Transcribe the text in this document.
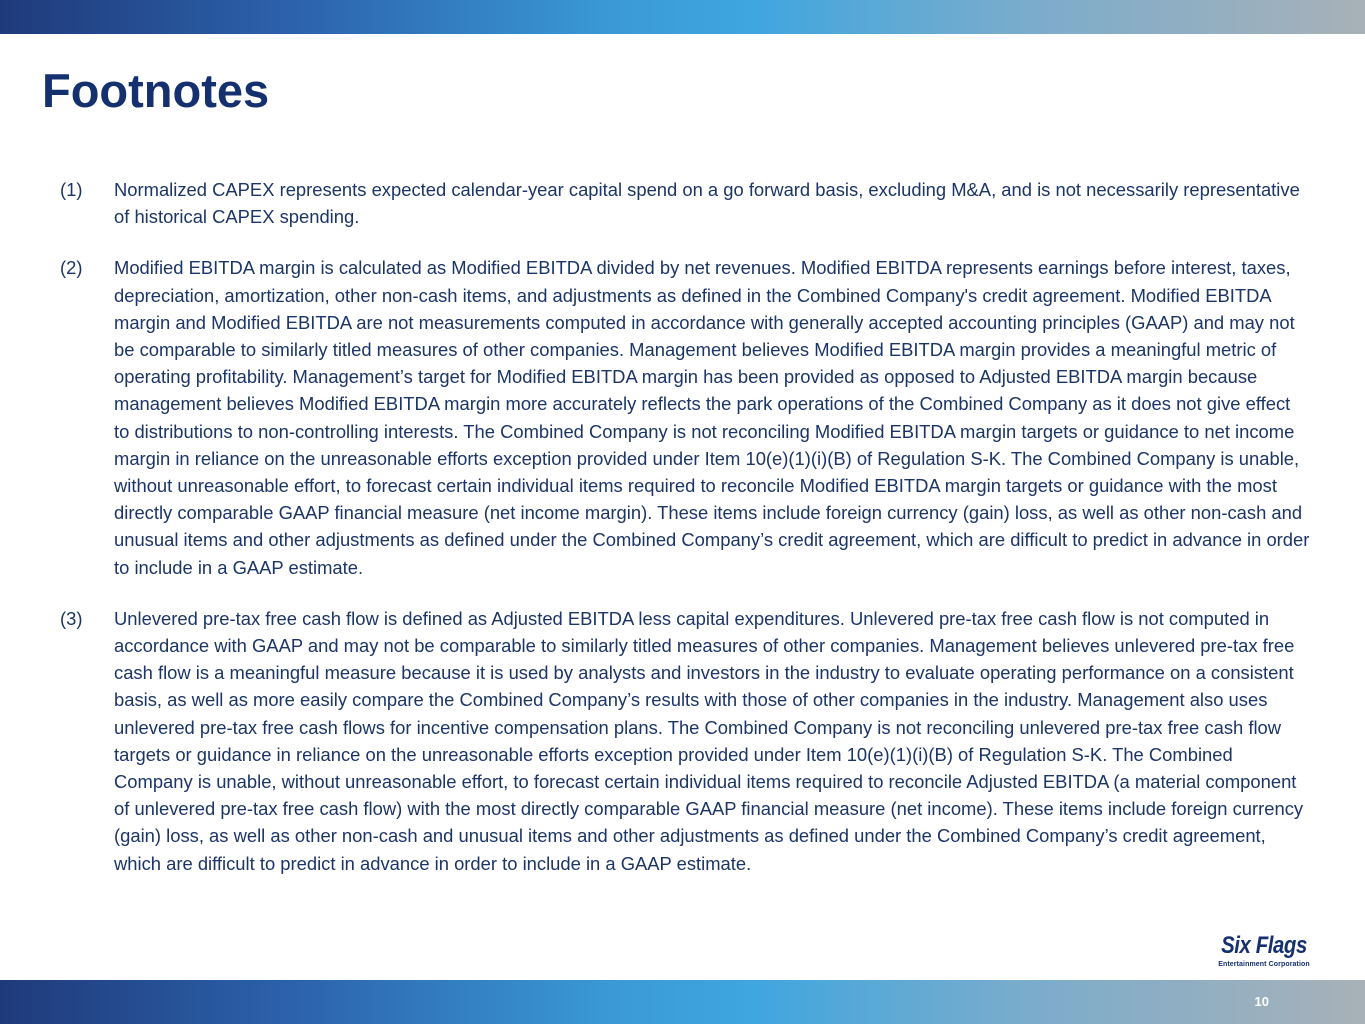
Footnotes
(1) Normalized CAPEX represents expected calendar-year capital spend on a go forward basis, excluding M&A, and is not necessarily representative of historical CAPEX spending.
(2) Modified EBITDA margin is calculated as Modified EBITDA divided by net revenues. Modified EBITDA represents earnings before interest, taxes, depreciation, amortization, other non-cash items, and adjustments as defined in the Combined Company's credit agreement. Modified EBITDA margin and Modified EBITDA are not measurements computed in accordance with generally accepted accounting principles (GAAP) and may not be comparable to similarly titled measures of other companies. Management believes Modified EBITDA margin provides a meaningful metric of operating profitability. Management’s target for Modified EBITDA margin has been provided as opposed to Adjusted EBITDA margin because management believes Modified EBITDA margin more accurately reflects the park operations of the Combined Company as it does not give effect to distributions to non-controlling interests. The Combined Company is not reconciling Modified EBITDA margin targets or guidance to net income margin in reliance on the unreasonable efforts exception provided under Item 10(e)(1)(i)(B) of Regulation S-K. The Combined Company is unable, without unreasonable effort, to forecast certain individual items required to reconcile Modified EBITDA margin targets or guidance with the most directly comparable GAAP financial measure (net income margin). These items include foreign currency (gain) loss, as well as other non-cash and unusual items and other adjustments as defined under the Combined Company’s credit agreement, which are difficult to predict in advance in order to include in a GAAP estimate.
(3) Unlevered pre-tax free cash flow is defined as Adjusted EBITDA less capital expenditures. Unlevered pre-tax free cash flow is not computed in accordance with GAAP and may not be comparable to similarly titled measures of other companies. Management believes unlevered pre-tax free cash flow is a meaningful measure because it is used by analysts and investors in the industry to evaluate operating performance on a consistent basis, as well as more easily compare the Combined Company’s results with those of other companies in the industry. Management also uses unlevered pre-tax free cash flows for incentive compensation plans. The Combined Company is not reconciling unlevered pre-tax free cash flow targets or guidance in reliance on the unreasonable efforts exception provided under Item 10(e)(1)(i)(B) of Regulation S-K. The Combined Company is unable, without unreasonable effort, to forecast certain individual items required to reconcile Adjusted EBITDA (a material component of unlevered pre-tax free cash flow) with the most directly comparable GAAP financial measure (net income). These items include foreign currency (gain) loss, as well as other non-cash and unusual items and other adjustments as defined under the Combined Company’s credit agreement, which are difficult to predict in advance in order to include in a GAAP estimate.
Six Flags
Entertainment Corporation
10
